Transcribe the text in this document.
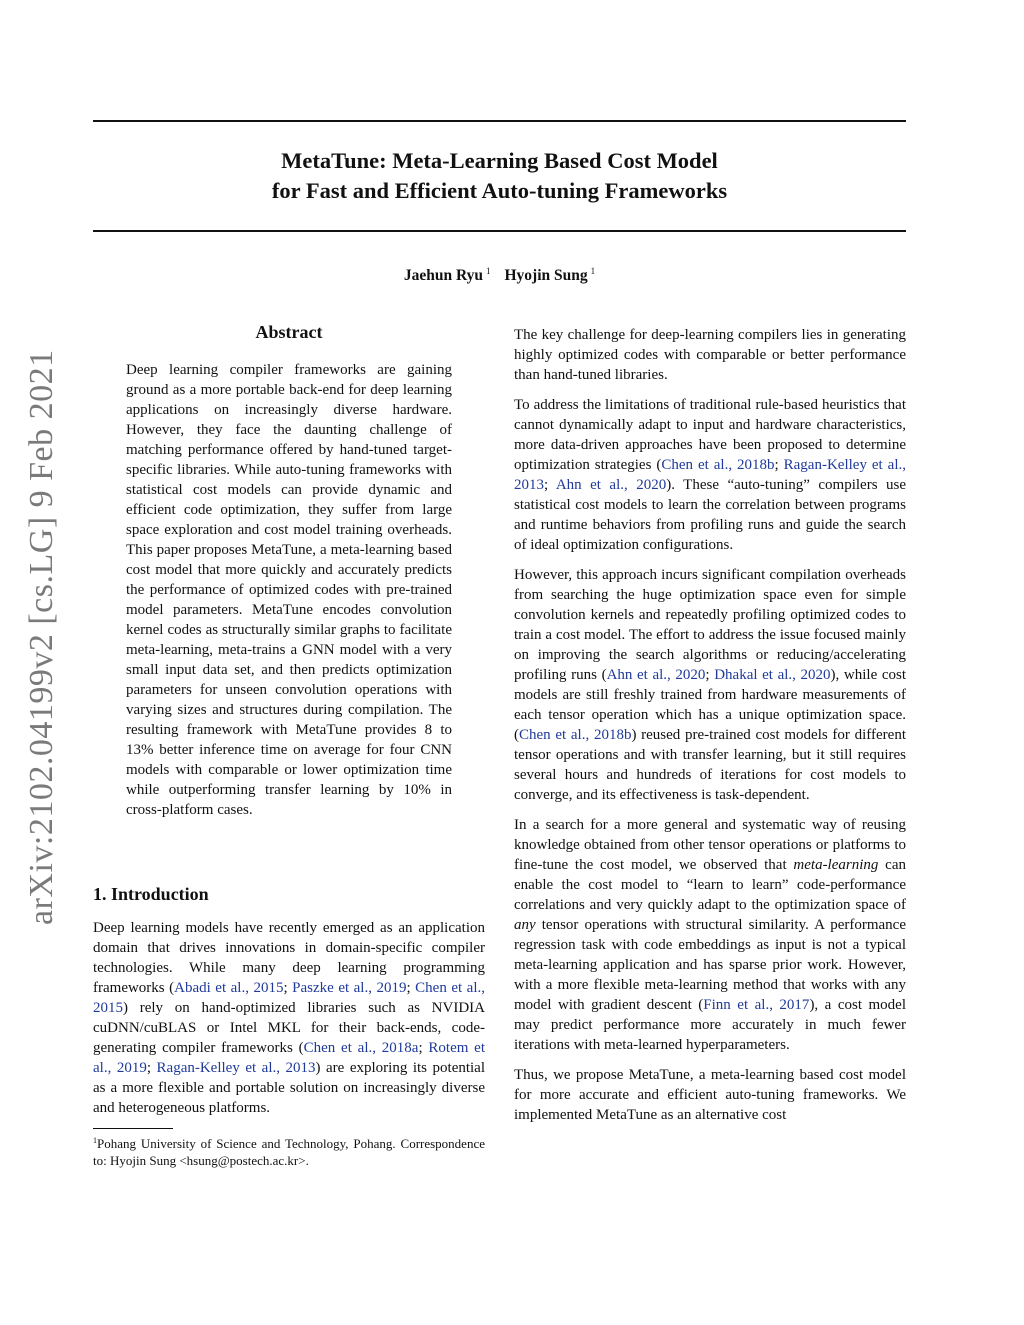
MetaTune: Meta-Learning Based Cost Model
for Fast and Efficient Auto-tuning Frameworks
Jaehun Ryu $^1$ Hyojin Sung $^1$
arXiv:2102.04199v2 [cs.LG] 9 Feb 2021
Abstract
Deep learning compiler frameworks are gaining ground as a more portable back-end for deep learning applications on increasingly diverse hardware. However, they face the daunting challenge of matching performance offered by hand-tuned target-specific libraries. While auto-tuning frameworks with statistical cost models can provide dynamic and efficient code optimization, they suffer from large space exploration and cost model training overheads. This paper proposes MetaTune, a meta-learning based cost model that more quickly and accurately predicts the performance of optimized codes with pre-trained model parameters. MetaTune encodes convolution kernel codes as structurally similar graphs to facilitate meta-learning, meta-trains a GNN model with a very small input data set, and then predicts optimization parameters for unseen convolution operations with varying sizes and structures during compilation. The resulting framework with MetaTune provides 8 to 13% better inference time on average for four CNN models with comparable or lower optimization time while outperforming transfer learning by 10% in cross-platform cases.
1. Introduction
Deep learning models have recently emerged as an application domain that drives innovations in domain-specific compiler technologies. While many deep learning programming frameworks (Abadi et al., 2015; Paszke et al., 2019; Chen et al., 2015) rely on hand-optimized libraries such as NVIDIA cuDNN/cuBLAS or Intel MKL for their back-ends, code-generating compiler frameworks (Chen et al., 2018a; Rotem et al., 2019; Ragan-Kelley et al., 2013) are exploring its potential as a more flexible and portable solution on increasingly diverse and heterogeneous platforms.
$^1$Pohang University of Science and Technology, Pohang. Correspondence to: Hyojin Sung <hsung@postech.ac.kr>.

The key challenge for deep-learning compilers lies in generating highly optimized codes with comparable or better performance than hand-tuned libraries.

To address the limitations of traditional rule-based heuristics that cannot dynamically adapt to input and hardware characteristics, more data-driven approaches have been proposed to determine optimization strategies (Chen et al., 2018b; Ragan-Kelley et al., 2013; Ahn et al., 2020). These “auto-tuning” compilers use statistical cost models to learn the correlation between programs and runtime behaviors from profiling runs and guide the search of ideal optimization configurations.

However, this approach incurs significant compilation overheads from searching the huge optimization space even for simple convolution kernels and repeatedly profiling optimized codes to train a cost model. The effort to address the issue focused mainly on improving the search algorithms or reducing/accelerating profiling runs (Ahn et al., 2020; Dhakal et al., 2020), while cost models are still freshly trained from hardware measurements of each tensor operation which has a unique optimization space. (Chen et al., 2018b) reused pre-trained cost models for different tensor operations and with transfer learning, but it still requires several hours and hundreds of iterations for cost models to converge, and its effectiveness is task-dependent.

In a search for a more general and systematic way of reusing knowledge obtained from other tensor operations or platforms to fine-tune the cost model, we observed that meta-learning can enable the cost model to “learn to learn” code-performance correlations and very quickly adapt to the optimization space of any tensor operations with structural similarity. A performance regression task with code embeddings as input is not a typical meta-learning application and has sparse prior work. However, with a more flexible meta-learning method that works with any model with gradient descent (Finn et al., 2017), a cost model may predict performance more accurately in much fewer iterations with meta-learned hyperparameters.

Thus, we propose MetaTune, a meta-learning based cost model for more accurate and efficient auto-tuning frameworks. We implemented MetaTune as an alternative cost
